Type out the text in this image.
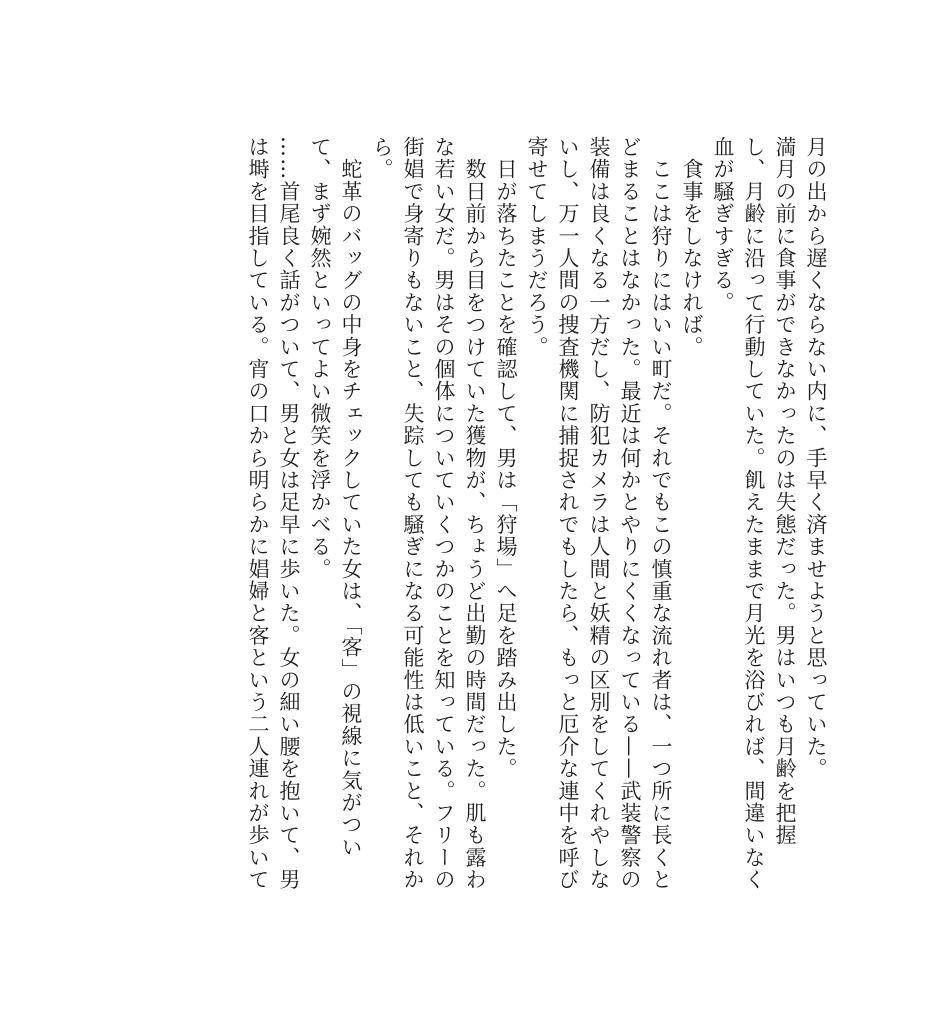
月の出から遅くならない内に、手早く済ませようと思っていた。

満月の前に食事ができなかったのは失態だった。男はいつも月齢を把握

し、月齢に沿って行動していた。飢えたままで月光を浴びれば、間違いなく

血が騒ぎすぎる。

　食事をしなければ。

　ここは狩りにはいい町だ。それでもこの慎重な流れ者は、一つ所に長くと

どまることはなかった。最近は何かとやりにくくなっている——武装警察の

装備は良くなる一方だし、防犯カメラは人間と妖精の区別をしてくれやしな

いし、万一人間の捜査機関に捕捉されでもしたら、もっと厄介な連中を呼び

寄せてしまうだろう。

　日が落ちたことを確認して、男は「狩場」へ足を踏み出した。

　数日前から目をつけていた獲物が、ちょうど出勤の時間だった。肌も露わ

な若い女だ。男はその個体についていくつかのことを知っている。フリーの

街娼で身寄りもないこと、失踪しても騒ぎになる可能性は低いこと、それか

ら。

　蛇革のバッグの中身をチェックしていた女は、「客」の視線に気がつい

て、まず婉然といってよい微笑を浮かべる。

……首尾良く話がついて、男と女は足早に歩いた。女の細い腰を抱いて、男

は塒を目指している。宵の口から明らかに娼婦と客という二人連れが歩いて
